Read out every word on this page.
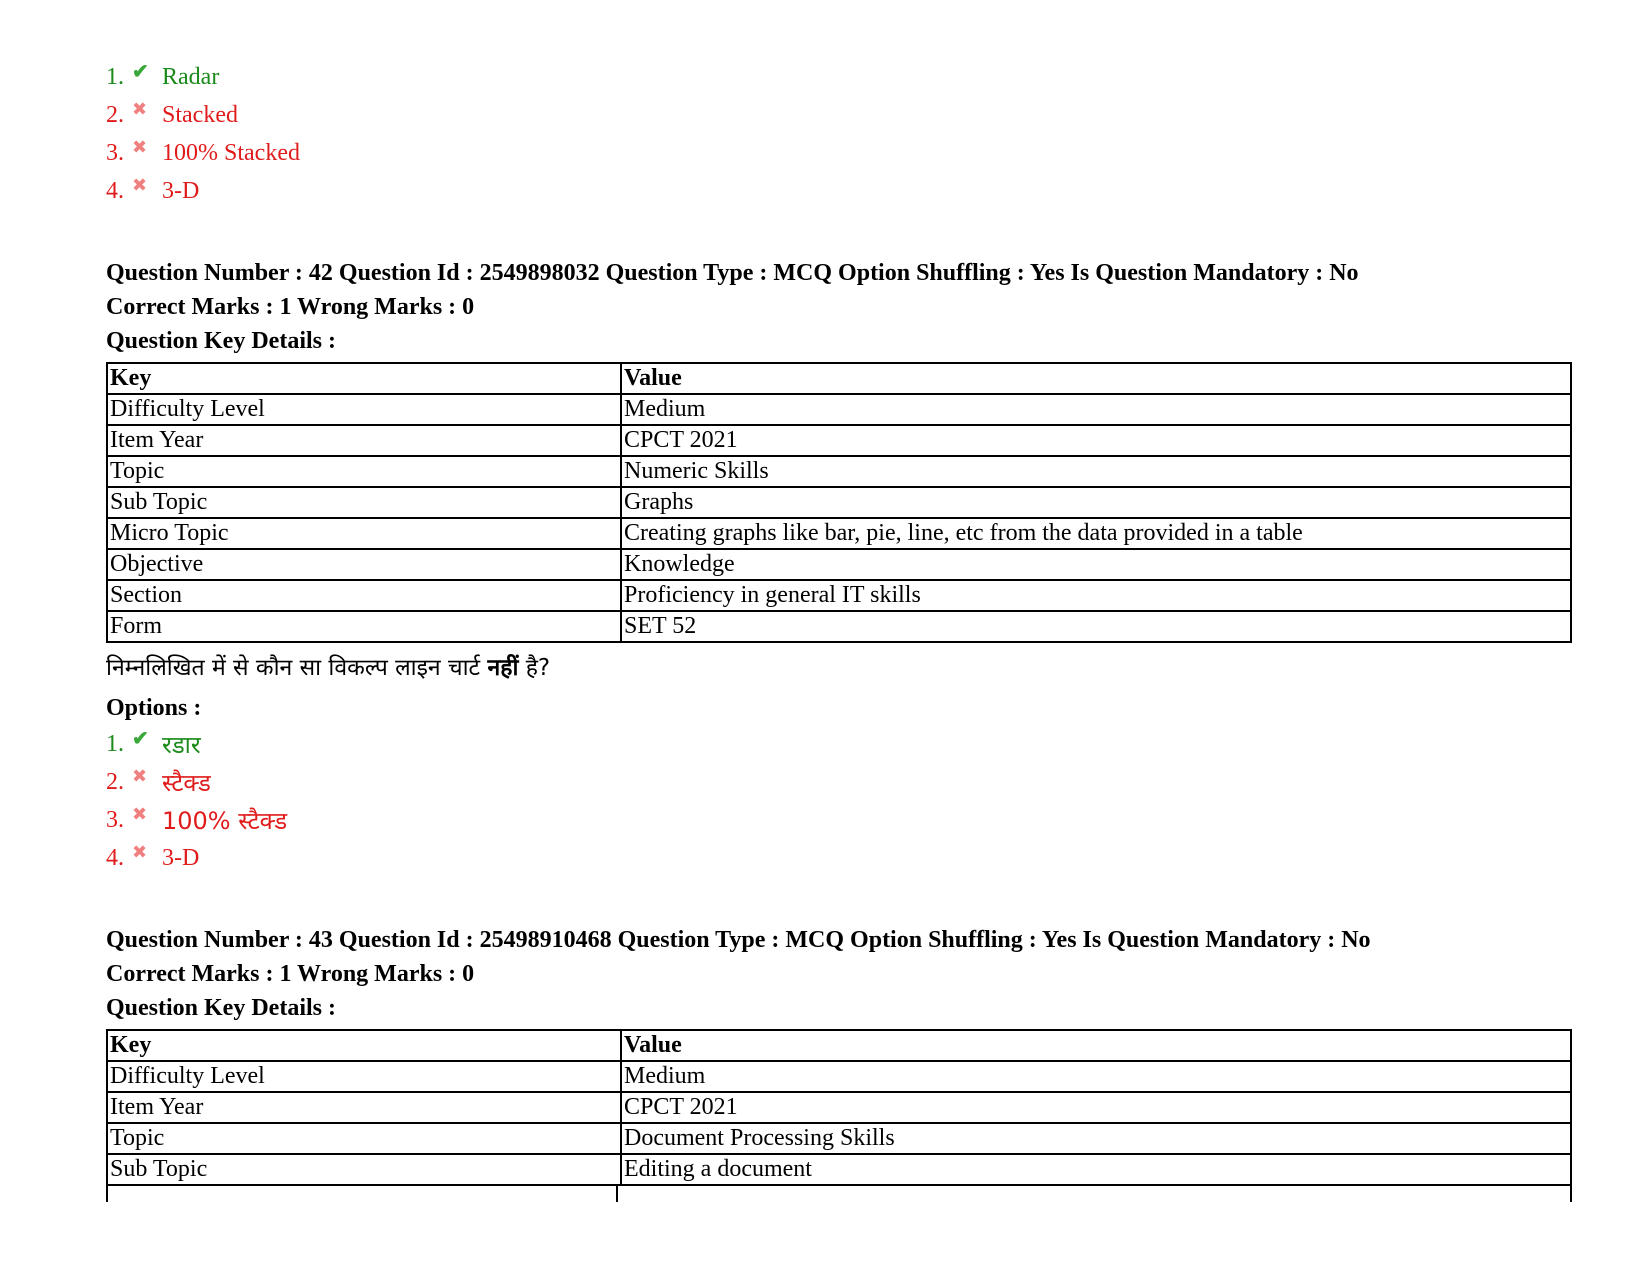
1. ✔ Radar
2. ✖ Stacked
3. ✖ 100% Stacked
4. ✖ 3-D
Question Number : 42 Question Id : 2549898032 Question Type : MCQ Option Shuffling : Yes Is Question Mandatory : No
Correct Marks : 1 Wrong Marks : 0
Question Key Details :
Key	Value
Difficulty Level	Medium
Item Year	CPCT 2021
Topic	Numeric Skills
Sub Topic	Graphs
Micro Topic	Creating graphs like bar, pie, line, etc from the data provided in a table
Objective	Knowledge
Section	Proficiency in general IT skills
Form	SET 52
निम्नलिखित में से कौन सा विकल्प लाइन चार्ट नहीं है?
Options :
1. ✔ रडार
2. ✖ स्टैक्ड
3. ✖ 100% स्टैक्ड
4. ✖ 3-D
Question Number : 43 Question Id : 25498910468 Question Type : MCQ Option Shuffling : Yes Is Question Mandatory : No
Correct Marks : 1 Wrong Marks : 0
Question Key Details :
Key	Value
Difficulty Level	Medium
Item Year	CPCT 2021
Topic	Document Processing Skills
Sub Topic	Editing a document
